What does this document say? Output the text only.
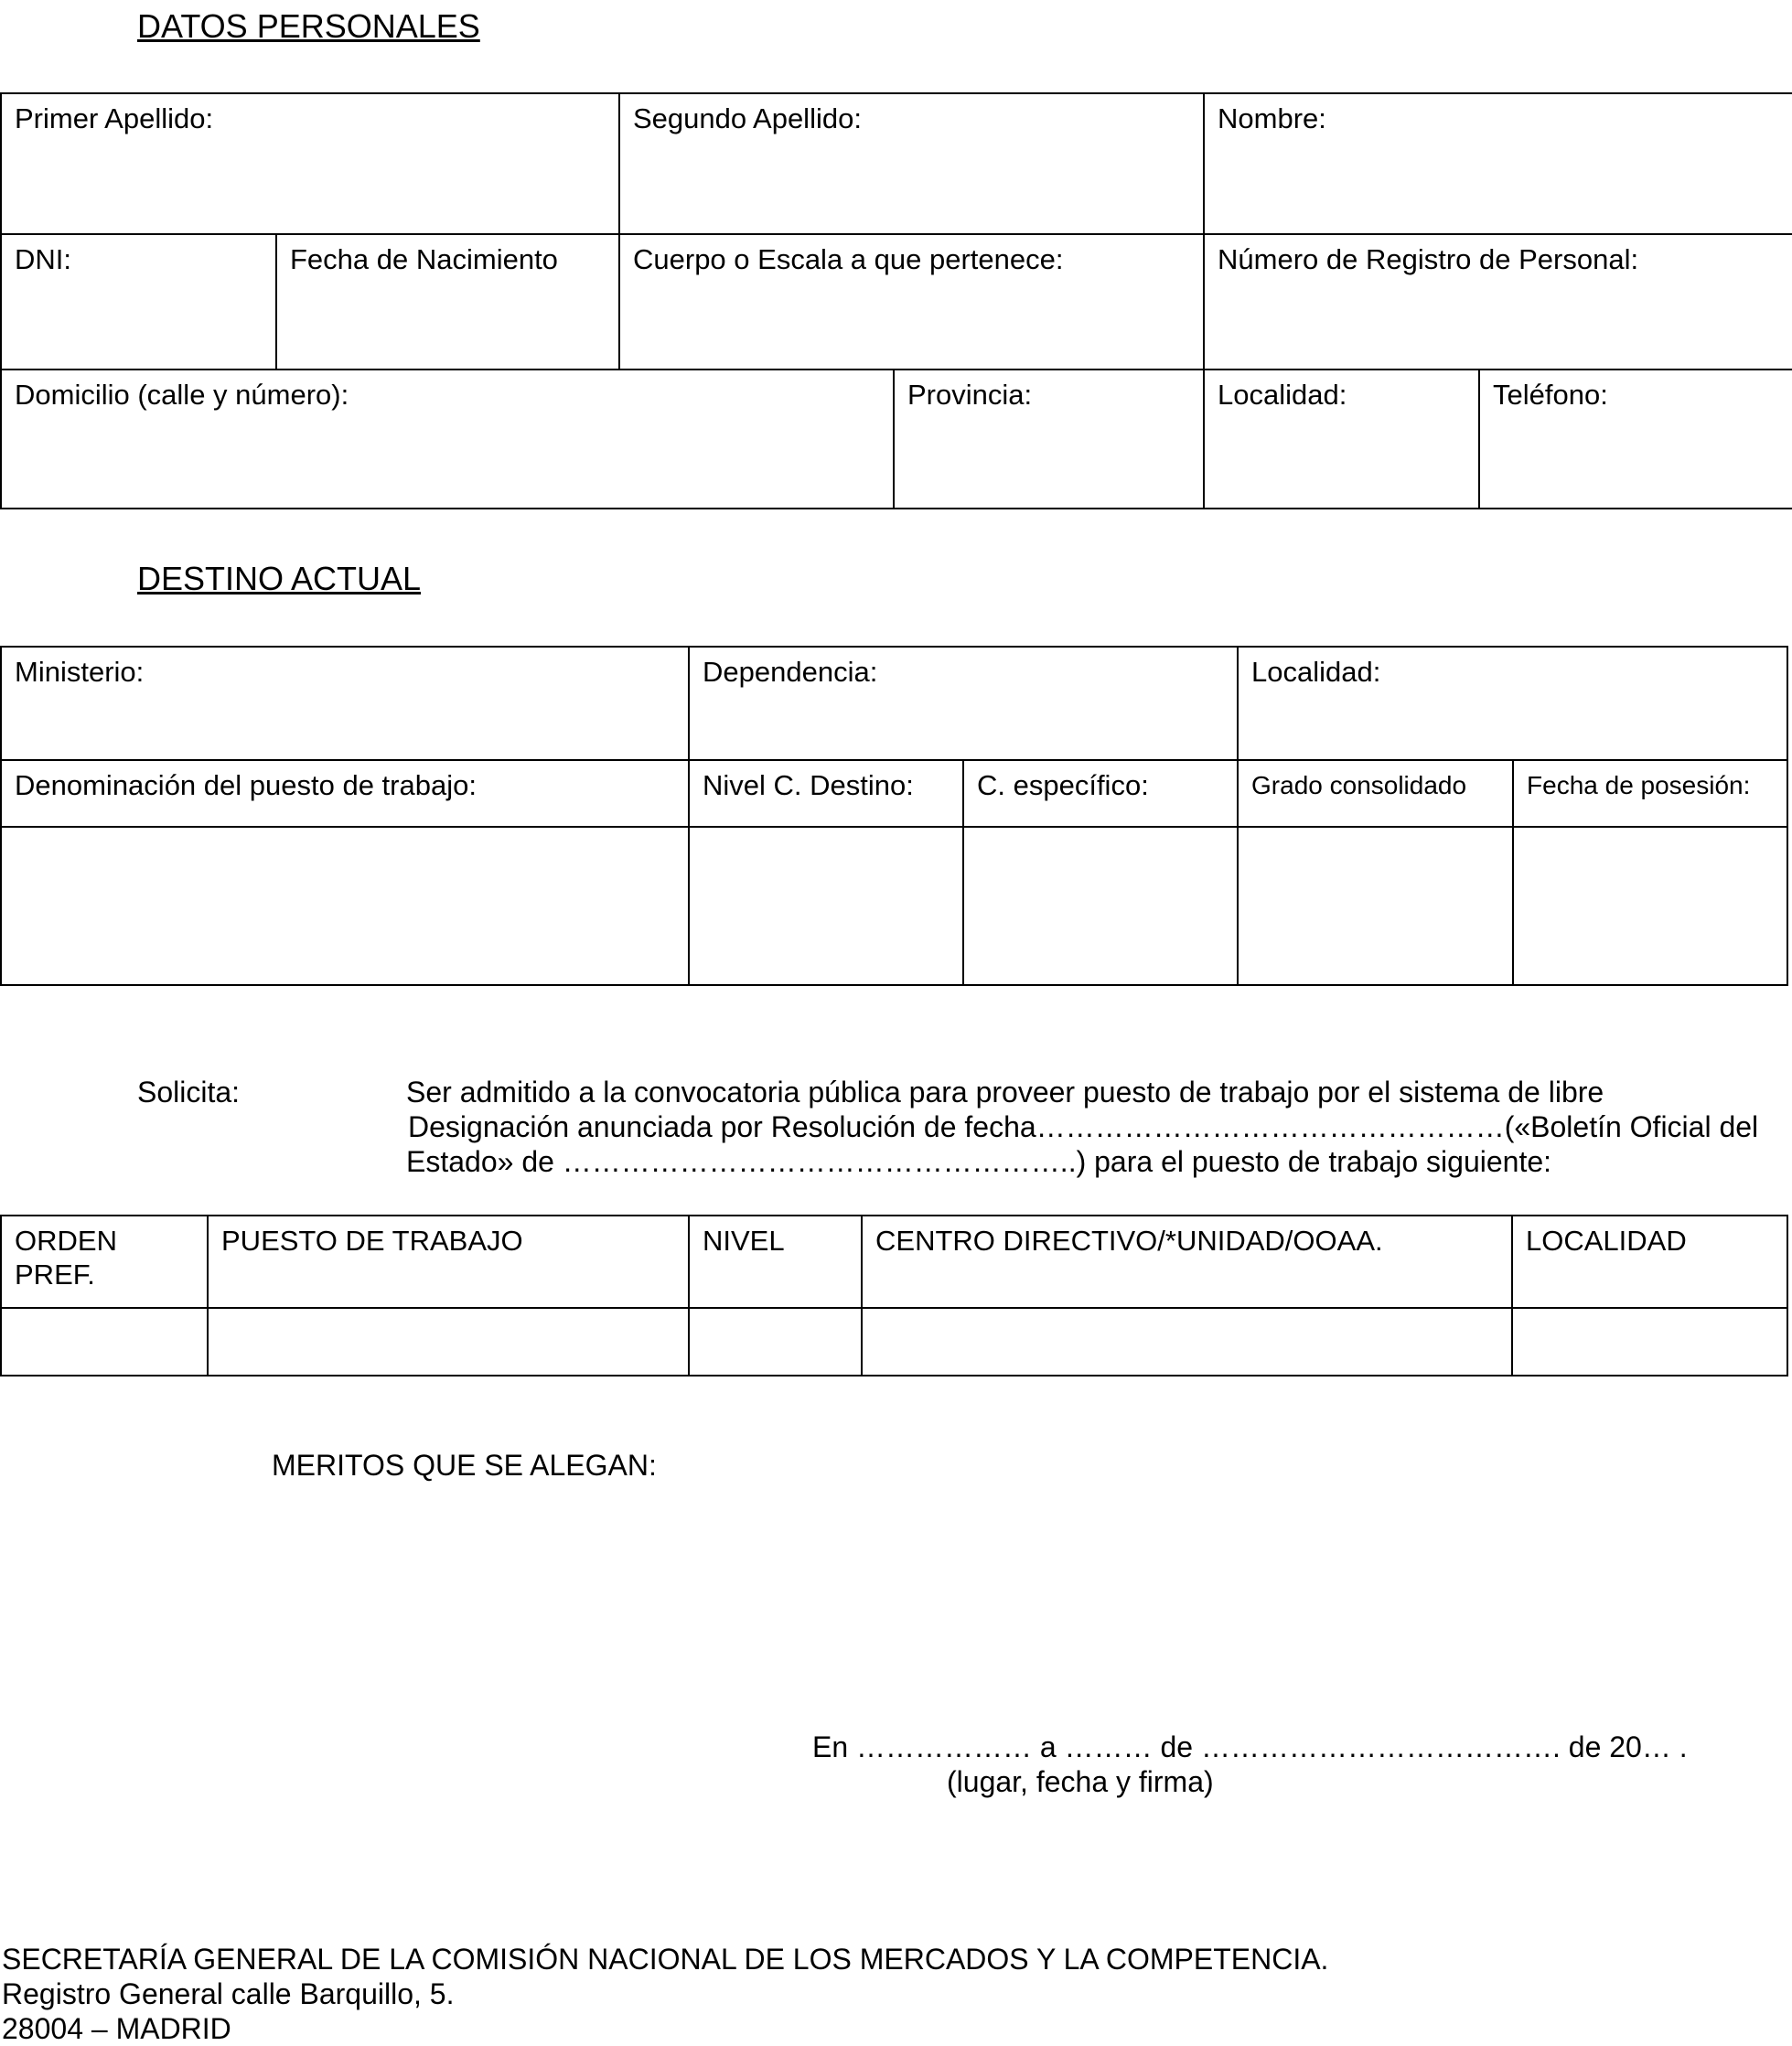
DATOS PERSONALES
Primer Apellido:		Segundo Apellido:		Nombre:	

DNI:	Fecha de Nacimiento	Cuerpo o Escala a que pertenece:		Número de Registro de Personal:	

Domicilio (calle y número):			Provincia:	Localidad:	Teléfono:
DESTINO ACTUAL
Ministerio:	Dependencia:		Localidad:	

Denominación del puesto de trabajo:	Nivel C. Destino:	C. específico:	Grado consolidado	Fecha de posesión:

Solicita:	Ser admitido a la convocatoria pública para proveer puesto de trabajo por el sistema de libre
Designación anunciada por Resolución de fecha…………………………………………(«Boletín Oficial del
Estado» de ……………………………………………..) para el puesto de trabajo siguiente:
ORDEN PREF.	PUESTO DE TRABAJO	NIVEL	CENTRO DIRECTIVO/*UNIDAD/OOAA.	LOCALIDAD

MERITOS QUE SE ALEGAN:
En ……………… a ……… de ………………………………. de 20… .
(lugar, fecha y firma)
SECRETARÍA GENERAL DE LA COMISIÓN NACIONAL DE LOS MERCADOS Y LA COMPETENCIA.
Registro General calle Barquillo, 5.
28004 – MADRID
